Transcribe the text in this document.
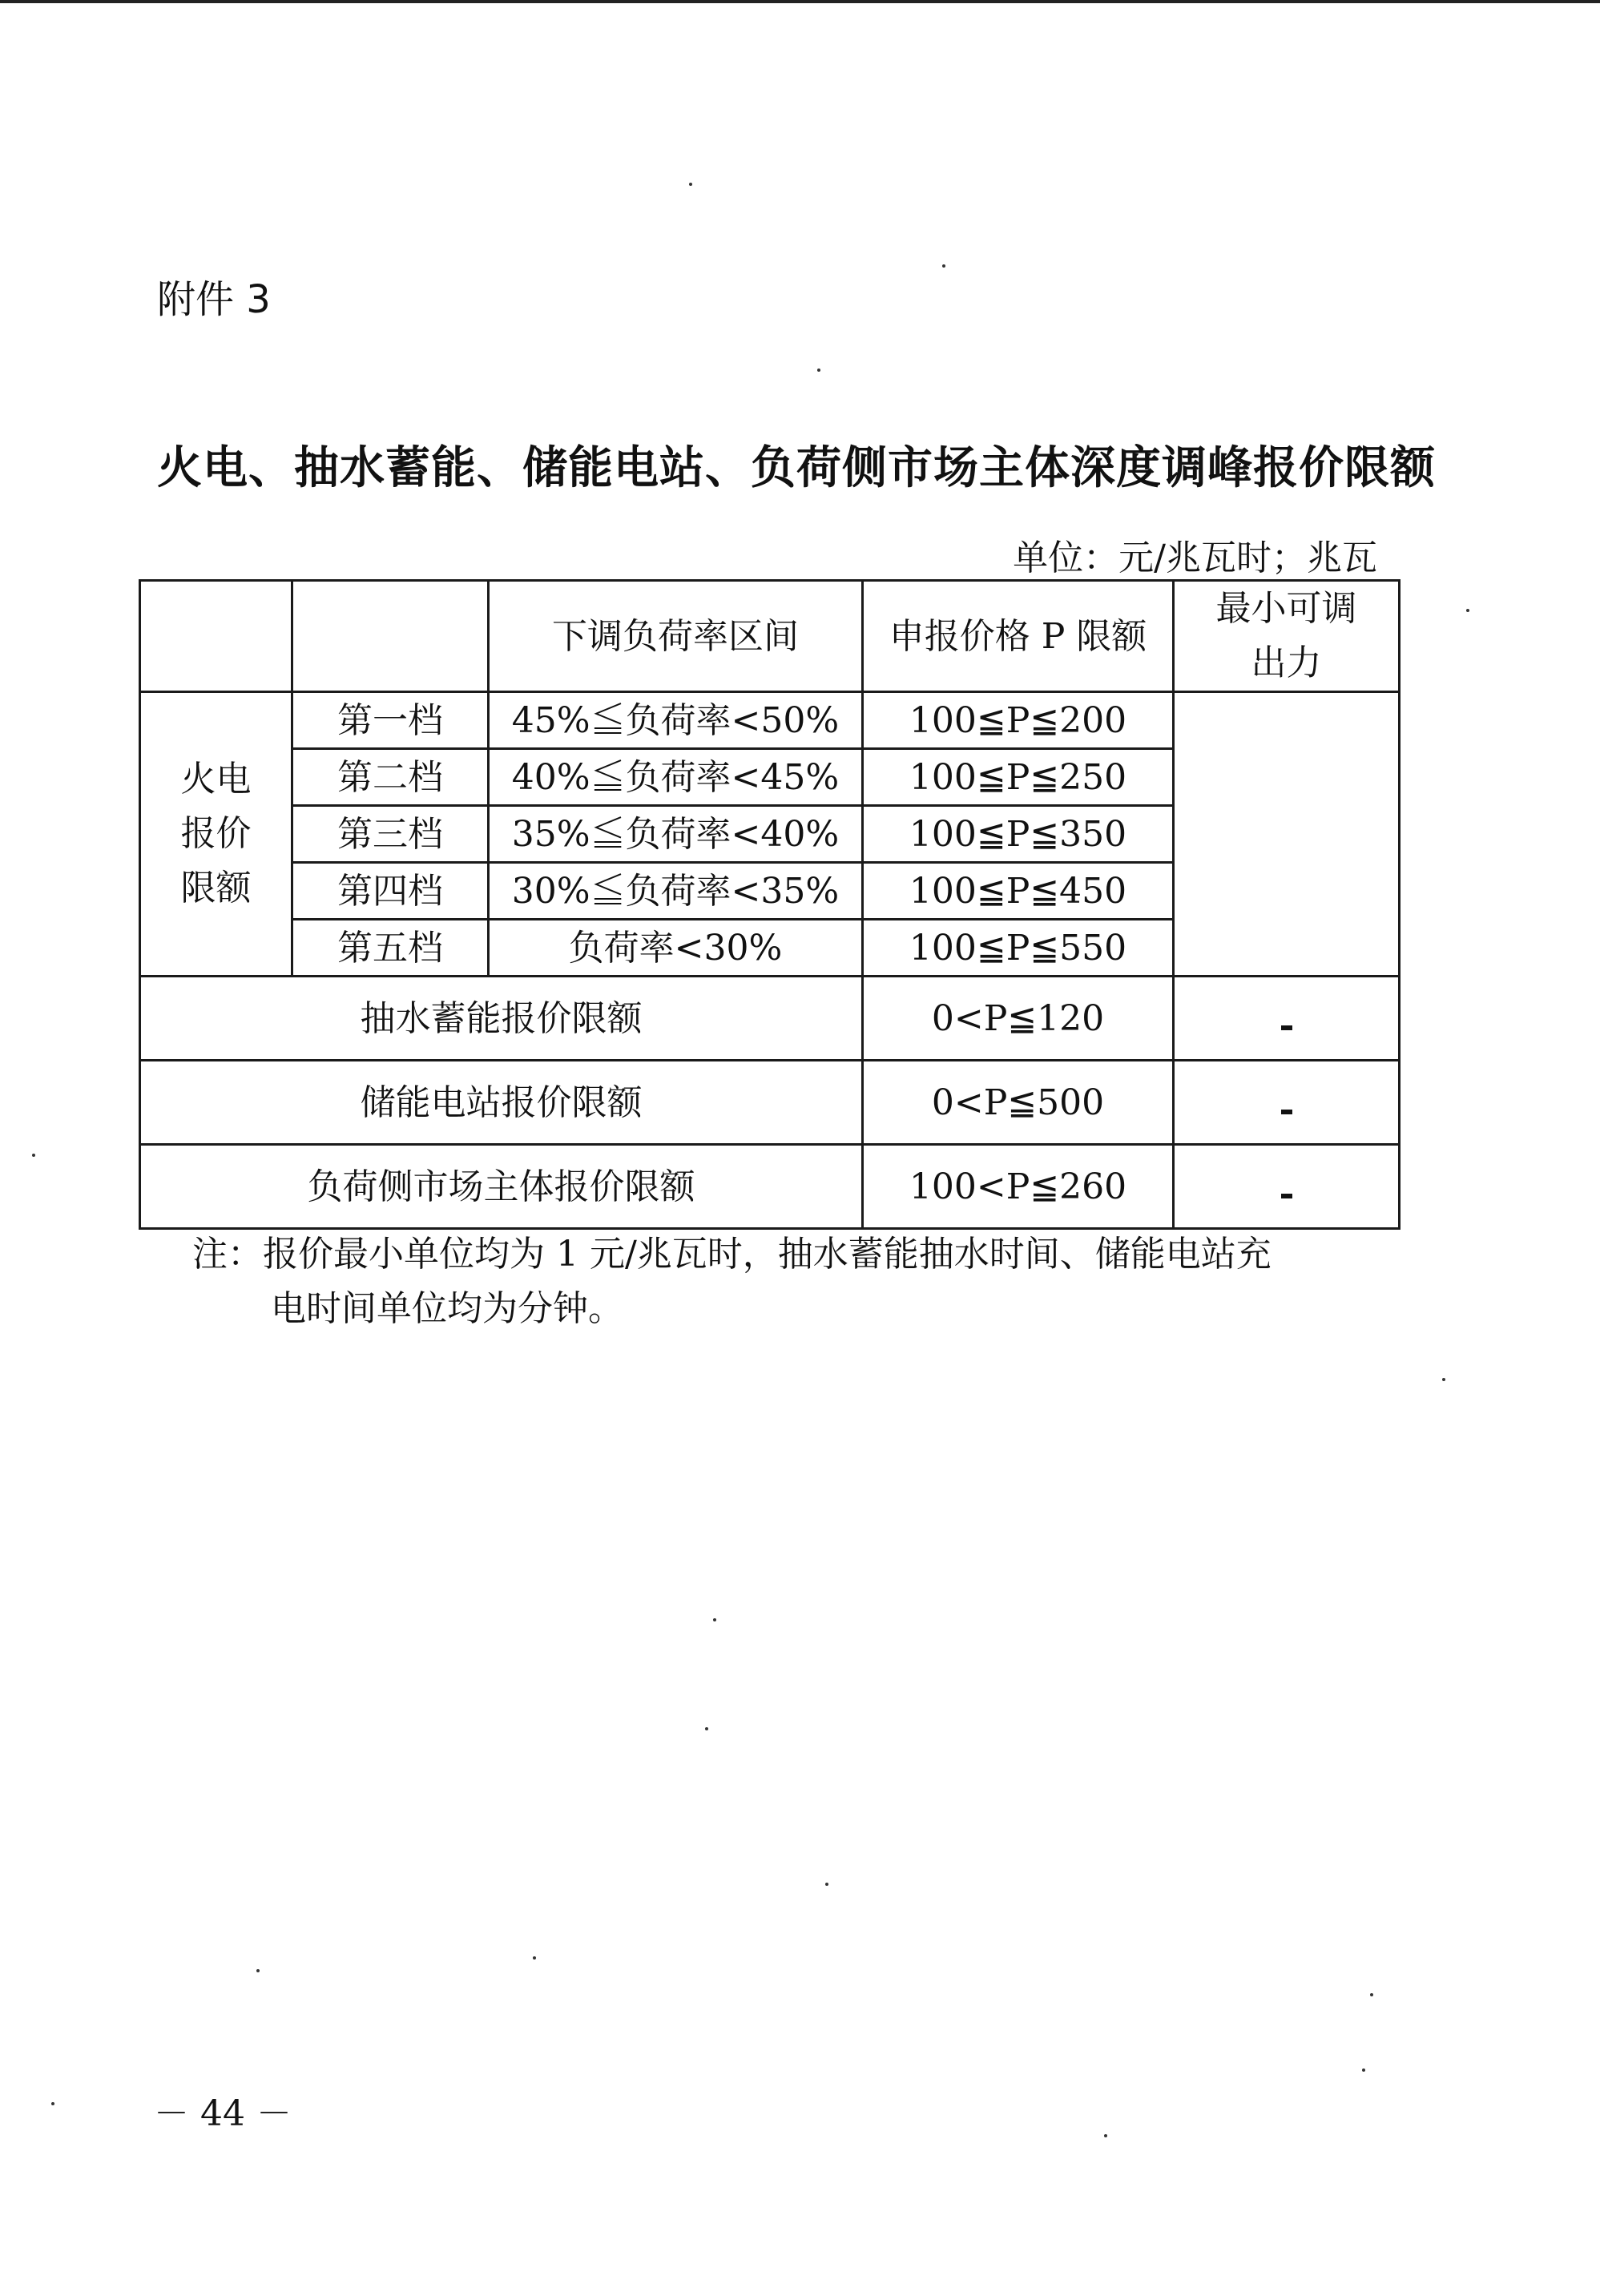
附件 3
火电、抽水蓄能、储能电站、负荷侧市场主体深度调峰报价限额
单位：元/兆瓦时；兆瓦
		下调负荷率区间	申报价格 P 限额	最小可调出力

火电报价限额	第一档	45%≦负荷率<50%	100≦P≦200	
	第二档	40%≦负荷率<45%	100≦P≦250	
	第三档	35%≦负荷率<40%	100≦P≦350	
	第四档	30%≦负荷率<35%	100≦P≦450	
	第五档	负荷率<30%	100≦P≦550	
抽水蓄能报价限额			0<P≦120	
储能电站报价限额			0<P≦500	
负荷侧市场主体报价限额			100<P≦260	
注：报价最小单位均为 1 元/兆瓦时，抽水蓄能抽水时间、储能电站充
电时间单位均为分钟。
－ 44 －
